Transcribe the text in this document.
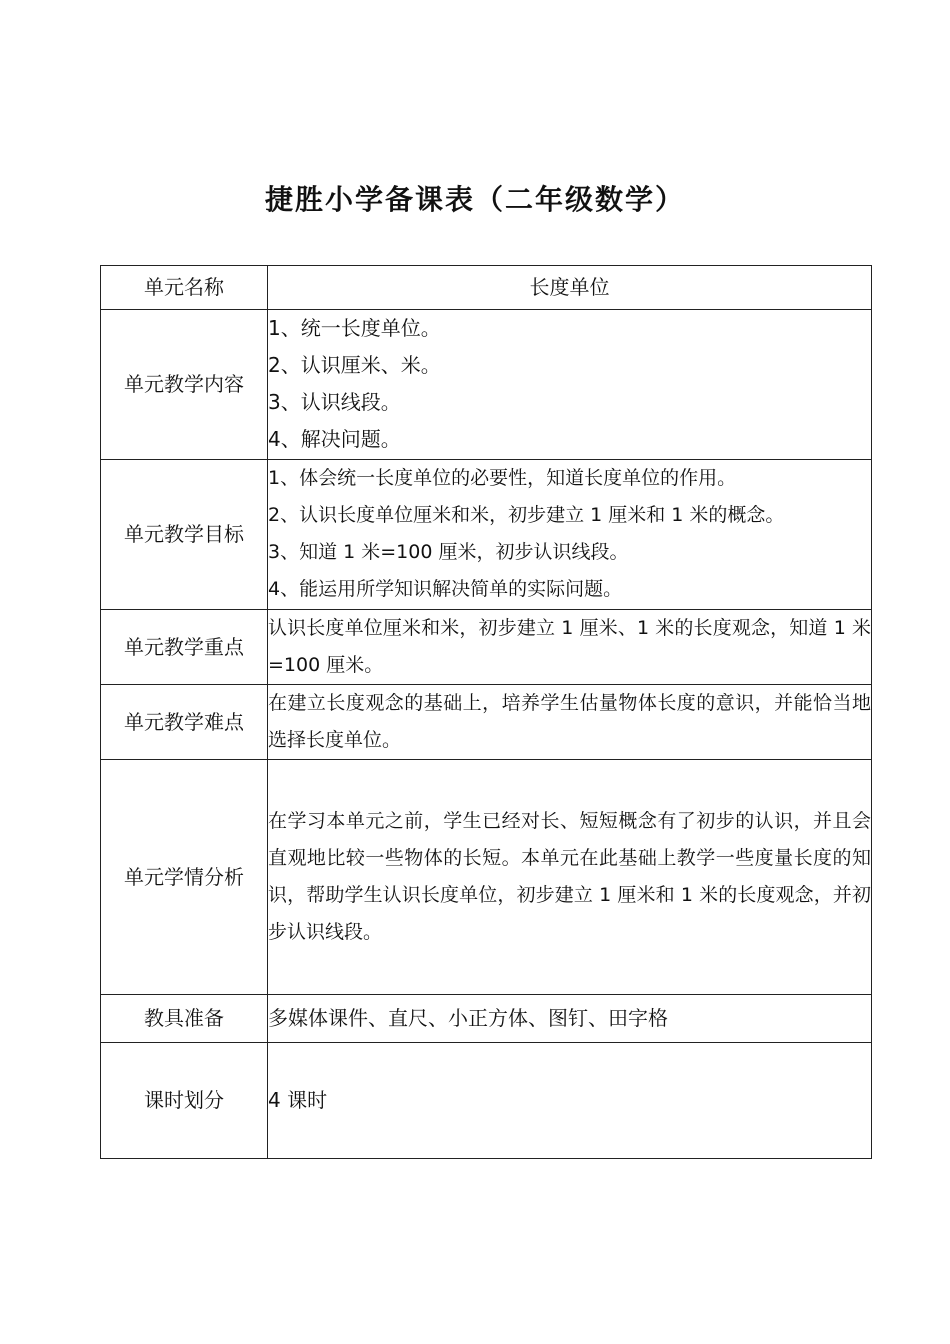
捷胜小学备课表（二年级数学）
单元名称	长度单位
单元教学内容	1、统一长度单位。
2、认识厘米、米。
3、认识线段。
4、解决问题。

单元教学目标	1、体会统一长度单位的必要性，知道长度单位的作用。
2、认识长度单位厘米和米，初步建立 1 厘米和 1 米的概念。
3、知道 1 米=100 厘米，初步认识线段。
4、能运用所学知识解决简单的实际问题。

单元教学重点	认识长度单位厘米和米，初步建立 1 厘米、1 米的长度观念，知道 1 米=100 厘米。

单元教学难点	在建立长度观念的基础上，培养学生估量物体长度的意识，并能恰当地选择长度单位。

单元学情分析	在学习本单元之前，学生已经对长、短短概念有了初步的认识，并且会直观地比较一些物体的长短。本单元在此基础上教学一些度量长度的知识，帮助学生认识长度单位，初步建立 1 厘米和 1 米的长度观念，并初步认识线段。

教具准备	多媒体课件、直尺、小正方体、图钉、田字格
课时划分	4 课时
